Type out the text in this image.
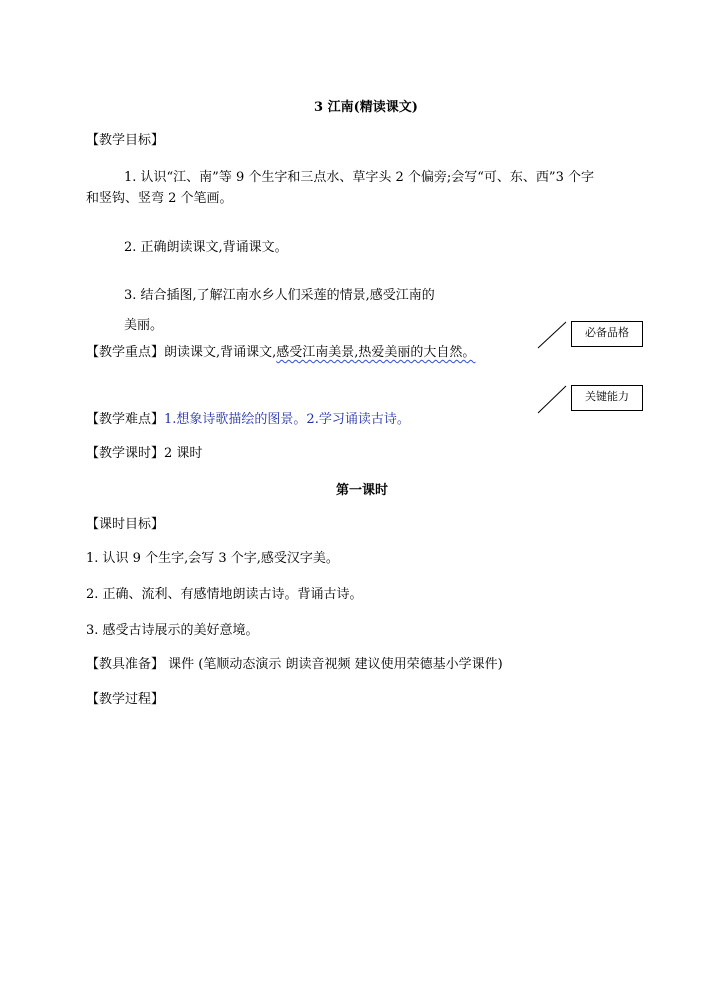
3 江南(精读课文)
【教学目标】
1. 认识“江、南”等 9 个生字和三点水、草字头 2 个偏旁;会写“可、东、西”3 个字
和竖钩、竖弯 2 个笔画。
2. 正确朗读课文,背诵课文。
3. 结合插图,了解江南水乡人们采莲的情景,感受江南的
美丽。
【教学重点】朗读课文,背诵课文,感受江南美景,热爱美丽的大自然。
必备品格
关键能力
【教学难点】1.想象诗歌描绘的图景。2.学习诵读古诗。
【教学课时】2 课时
第一课时
【课时目标】
1. 认识 9 个生字,会写 3 个字,感受汉字美。
2. 正确、流利、有感情地朗读古诗。背诵古诗。
3. 感受古诗展示的美好意境。
【教具准备】 课件 (笔顺动态演示 朗读音视频 建议使用荣德基小学课件)
【教学过程】
